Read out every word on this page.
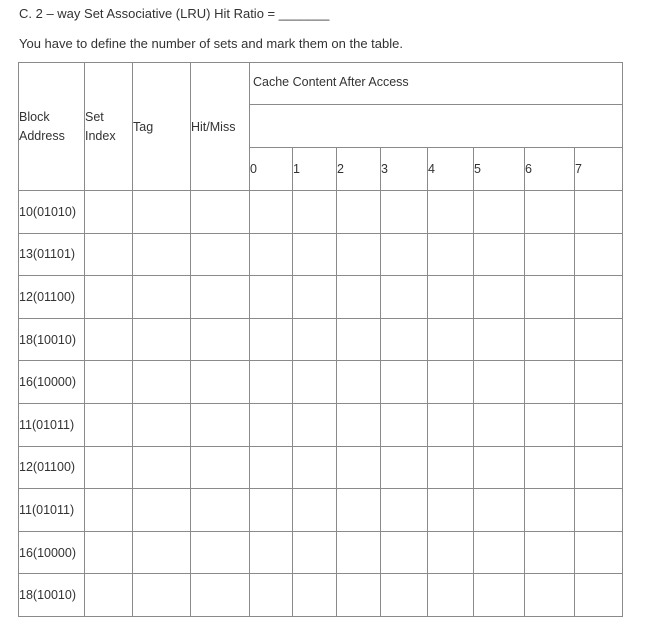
C. 2 – way Set Associative (LRU) Hit Ratio = _______
You have to define the number of sets and mark them on the table.
Block Address	Set Index	Tag	Hit/Miss	Cache Content After Access							

				0	1	2	3	4	5	6	7
10(01010)											
13(01101)											
12(01100)											
18(10010)											
16(10000)											
11(01011)											
12(01100)											
11(01011)											
16(10000)											
18(10010)											
